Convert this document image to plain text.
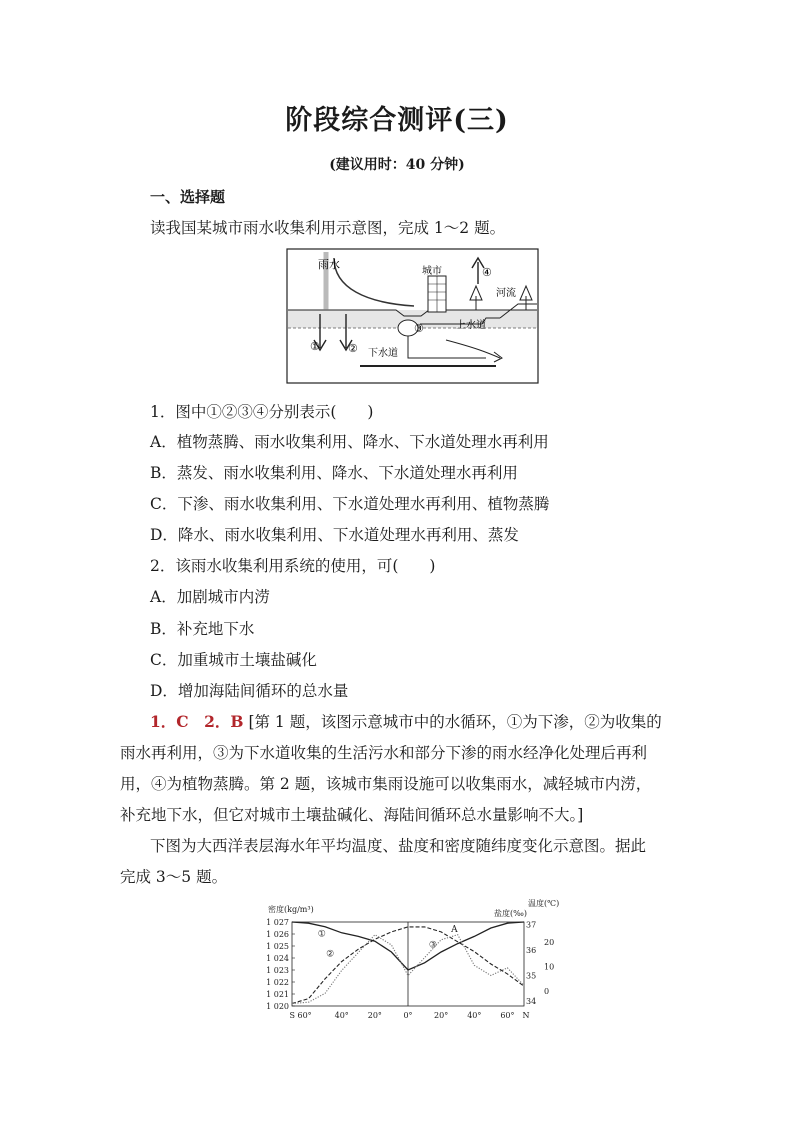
阶段综合测评(三)
(建议用时：40 分钟)
一、选择题
读我国某城市雨水收集利用示意图，完成 1～2 题。
雨水
城市
河流
下水道
上水道
①	②
③
④
1．图中①②③④分别表示(　　)
A．植物蒸腾、雨水收集利用、降水、下水道处理水再利用
B．蒸发、雨水收集利用、降水、下水道处理水再利用
C．下渗、雨水收集利用、下水道处理水再利用、植物蒸腾
D．降水、雨水收集利用、下水道处理水再利用、蒸发
2．该雨水收集利用系统的使用，可(　　)
A．加剧城市内涝
B．补充地下水
C．加重城市土壤盐碱化
D．增加海陆间循环的总水量
1．C　2．B [第 1 题，该图示意城市中的水循环，①为下渗，②为收集的
雨水再利用，③为下水道收集的生活污水和部分下渗的雨水经净化处理后再利
用，④为植物蒸腾。第 2 题，该城市集雨设施可以收集雨水，减轻城市内涝，
补充地下水，但它对城市土壤盐碱化、海陆间循环总水量影响不大。]
下图为大西洋表层海水年平均温度、盐度和密度随纬度变化示意图。据此
完成 3～5 题。
密度(kg/m³)	盐度(‰)
温度(℃)
1 027
1 026
1 025
1 024
1 023
1 022
1 021
1 020
37
36
35
34
20
10
0
S 60°	40° 20°	0°	20° 40° 60° N
①
②
③
A
